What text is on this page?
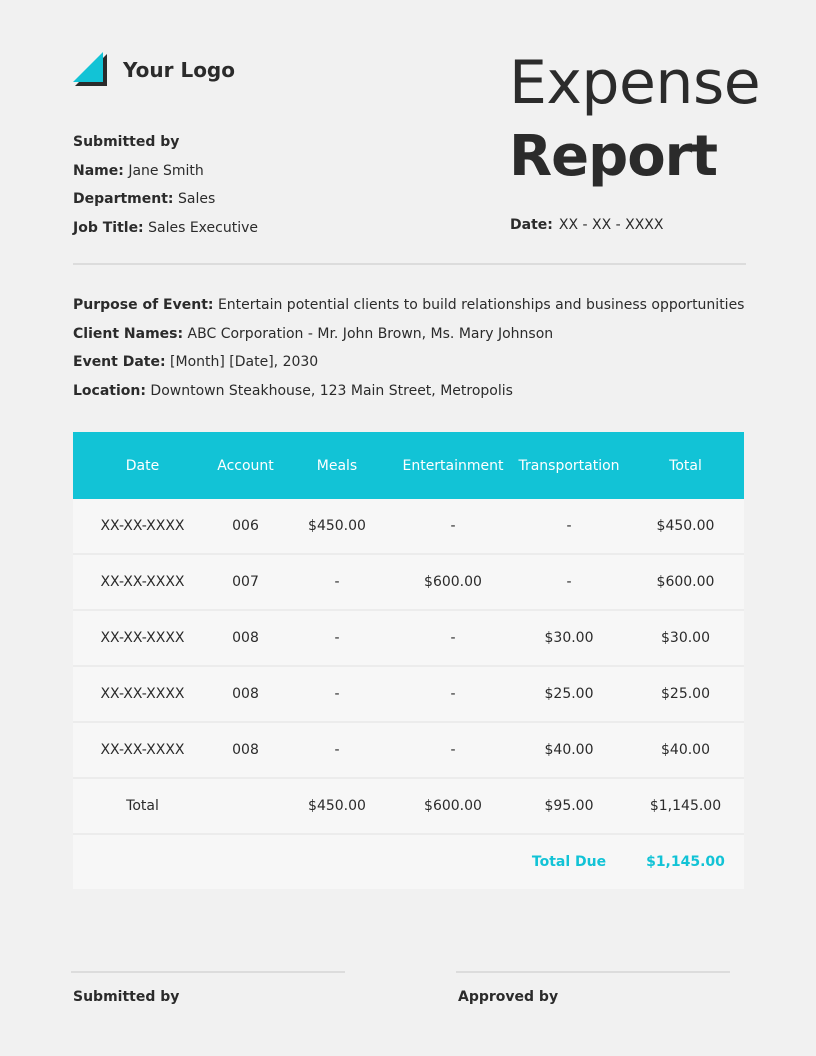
Your Logo
Submitted by
Name: Jane Smith
Department: Sales
Job Title: Sales Executive
Expense
Report
Date: XX - XX - XXXX
Purpose of Event: Entertain potential clients to build relationships and business opportunities
Client Names: ABC Corporation - Mr. John Brown, Ms. Mary Johnson
Event Date: [Month] [Date], 2030
Location: Downtown Steakhouse, 123 Main Street, Metropolis
Date	Account	Meals	Entertainment	Transportation	Total
XX-XX-XXXX	006	$450.00	-	-	$450.00
XX-XX-XXXX	007	-	$600.00	-	$600.00
XX-XX-XXXX	008	-	-	$30.00	$30.00
XX-XX-XXXX	008	-	-	$25.00	$25.00
XX-XX-XXXX	008	-	-	$40.00	$40.00
Total		$450.00	$600.00	$95.00	$1,145.00
				Total Due	$1,145.00
Submitted by	Approved by
